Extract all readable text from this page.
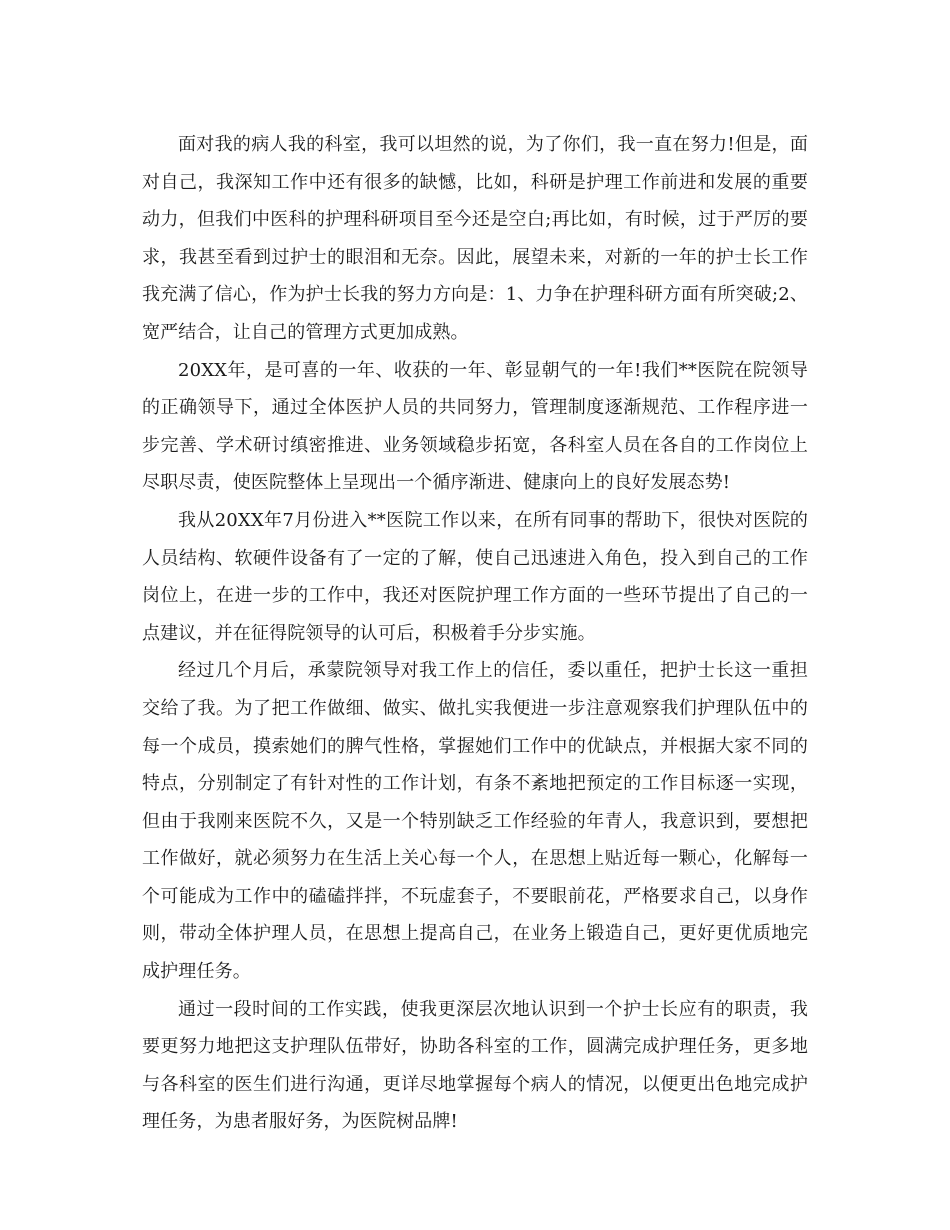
面对我的病人我的科室，我可以坦然的说，为了你们，我一直在努力!但是，面对自己，我深知工作中还有很多的缺憾，比如，科研是护理工作前进和发展的重要动力，但我们中医科的护理科研项目至今还是空白;再比如，有时候，过于严厉的要求，我甚至看到过护士的眼泪和无奈。因此，展望未来，对新的一年的护士长工作我充满了信心，作为护士长我的努力方向是：1、力争在护理科研方面有所突破;2、宽严结合，让自己的管理方式更加成熟。

20XX年，是可喜的一年、收获的一年、彰显朝气的一年!我们**医院在院领导的正确领导下，通过全体医护人员的共同努力，管理制度逐渐规范、工作程序进一步完善、学术研讨缜密推进、业务领域稳步拓宽，各科室人员在各自的工作岗位上尽职尽责，使医院整体上呈现出一个循序渐进、健康向上的良好发展态势!

我从20XX年7月份进入**医院工作以来，在所有同事的帮助下，很快对医院的人员结构、软硬件设备有了一定的了解，使自己迅速进入角色，投入到自己的工作岗位上，在进一步的工作中，我还对医院护理工作方面的一些环节提出了自己的一点建议，并在征得院领导的认可后，积极着手分步实施。

经过几个月后，承蒙院领导对我工作上的信任，委以重任，把护士长这一重担交给了我。为了把工作做细、做实、做扎实我便进一步注意观察我们护理队伍中的每一个成员，摸索她们的脾气性格，掌握她们工作中的优缺点，并根据大家不同的特点，分别制定了有针对性的工作计划，有条不紊地把预定的工作目标逐一实现，但由于我刚来医院不久，又是一个特别缺乏工作经验的年青人，我意识到，要想把工作做好，就必须努力在生活上关心每一个人，在思想上贴近每一颗心，化解每一个可能成为工作中的磕磕拌拌，不玩虚套子，不要眼前花，严格要求自己，以身作则，带动全体护理人员，在思想上提高自己，在业务上锻造自己，更好更优质地完成护理任务。

通过一段时间的工作实践，使我更深层次地认识到一个护士长应有的职责，我要更努力地把这支护理队伍带好，协助各科室的工作，圆满完成护理任务，更多地与各科室的医生们进行沟通，更详尽地掌握每个病人的情况，以便更出色地完成护理任务，为患者服好务，为医院树品牌!
